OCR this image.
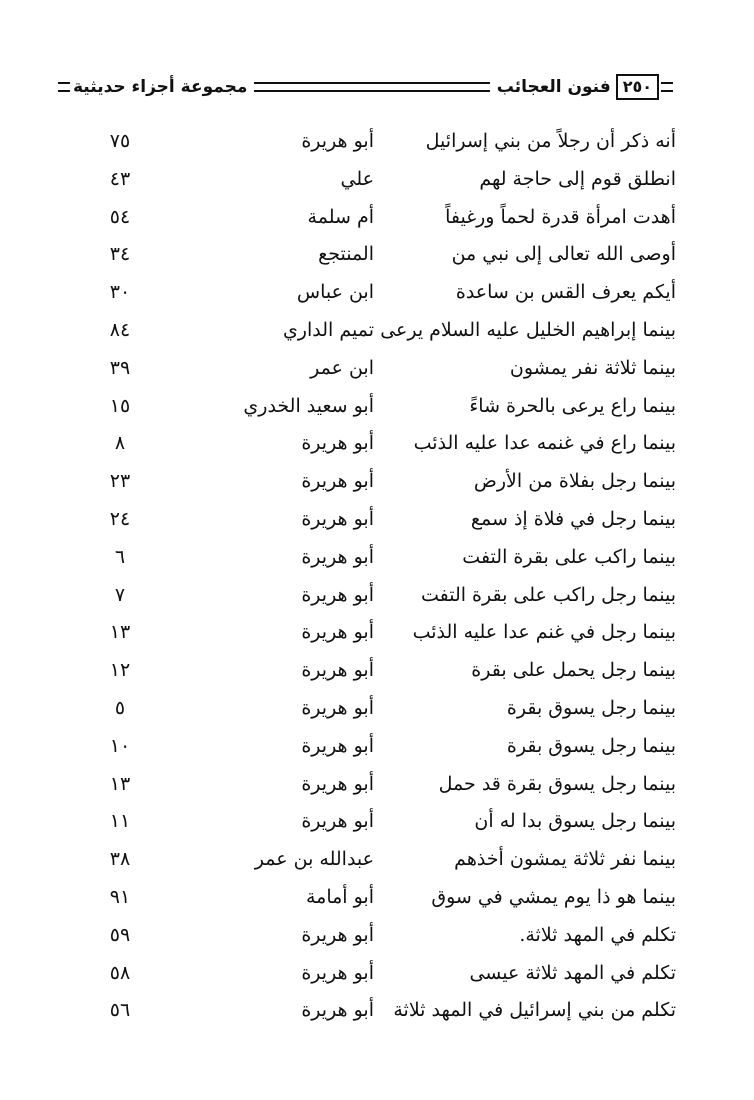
٢٥٠
فنون العجائب
مجموعة أجزاء حديثية
أنه ذكر أن رجلاً من بني إسرائيل
أبو هريرة
٧٥
انطلق قوم إلى حاجة لهم
علي
٤٣
أهدت امرأة قدرة لحماً ورغيفاً
أم سلمة
٥٤
أوصى الله تعالى إلى نبي من
المنتجع
٣٤
أيكم يعرف القس بن ساعدة
ابن عباس
٣٠
بينما إبراهيم الخليل عليه السلام يرعى
تميم الداري
٨٤
بينما ثلاثة نفر يمشون
ابن عمر
٣٩
بينما راع يرعى بالحرة شاءً
أبو سعيد الخدري
١٥
بينما راع في غنمه عدا عليه الذئب
أبو هريرة
٨
بينما رجل بفلاة من الأرض
أبو هريرة
٢٣
بينما رجل في فلاة إذ سمع
أبو هريرة
٢٤
بينما راكب على بقرة التفت
أبو هريرة
٦
بينما رجل راكب على بقرة التفت
أبو هريرة
٧
بينما رجل في غنم عدا عليه الذئب
أبو هريرة
١٣
بينما رجل يحمل على بقرة
أبو هريرة
١٢
بينما رجل يسوق بقرة
أبو هريرة
٥
بينما رجل يسوق بقرة
أبو هريرة
١٠
بينما رجل يسوق بقرة قد حمل
أبو هريرة
١٣
بينما رجل يسوق بدا له أن
أبو هريرة
١١
بينما نفر ثلاثة يمشون أخذهم
عبدالله بن عمر
٣٨
بينما هو ذا يوم يمشي في سوق
أبو أمامة
٩١
تكلم في المهد ثلاثة.
أبو هريرة
٥٩
تكلم في المهد ثلاثة عيسى
أبو هريرة
٥٨
تكلم من بني إسرائيل في المهد ثلاثة
أبو هريرة
٥٦
